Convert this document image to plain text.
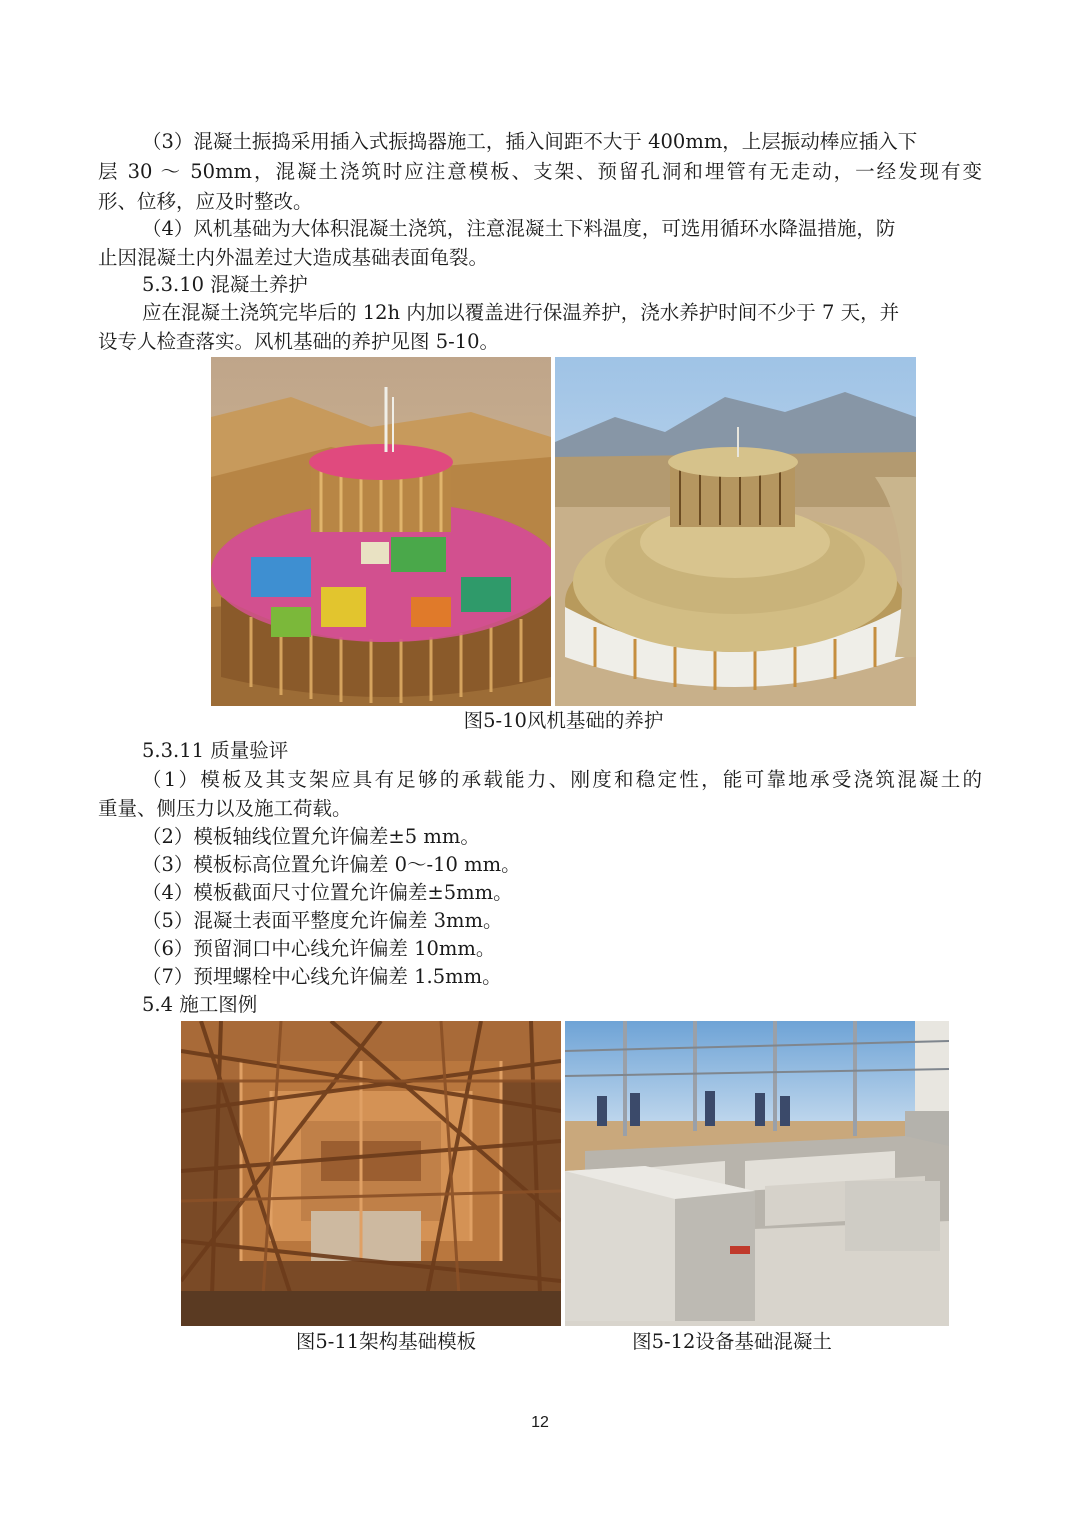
（3）混凝土振捣采用插入式振捣器施工，插入间距不大于 400mm，上层振动棒应插入下
层 30 ～ 50mm，混凝土浇筑时应注意模板、支架、预留孔洞和埋管有无走动，一经发现有变
形、位移，应及时整改。
（4）风机基础为大体积混凝土浇筑，注意混凝土下料温度，可选用循环水降温措施，防
止因混凝土内外温差过大造成基础表面龟裂。
5.3.10 混凝土养护
应在混凝土浇筑完毕后的 12h 内加以覆盖进行保温养护，浇水养护时间不少于 7 天，并
设专人检查落实。风机基础的养护见图 5-10。
图5-10风机基础的养护
5.3.11 质量验评
（1）模板及其支架应具有足够的承载能力、刚度和稳定性，能可靠地承受浇筑混凝土的
重量、侧压力以及施工荷载。
（2）模板轴线位置允许偏差±5 mm。
（3）模板标高位置允许偏差 0～-10 mm。
（4）模板截面尺寸位置允许偏差±5mm。
（5）混凝土表面平整度允许偏差 3mm。
（6）预留洞口中心线允许偏差 10mm。
（7）预埋螺栓中心线允许偏差 1.5mm。
5.4 施工图例
图5-11架构基础模板	图5-12设备基础混凝土
12
